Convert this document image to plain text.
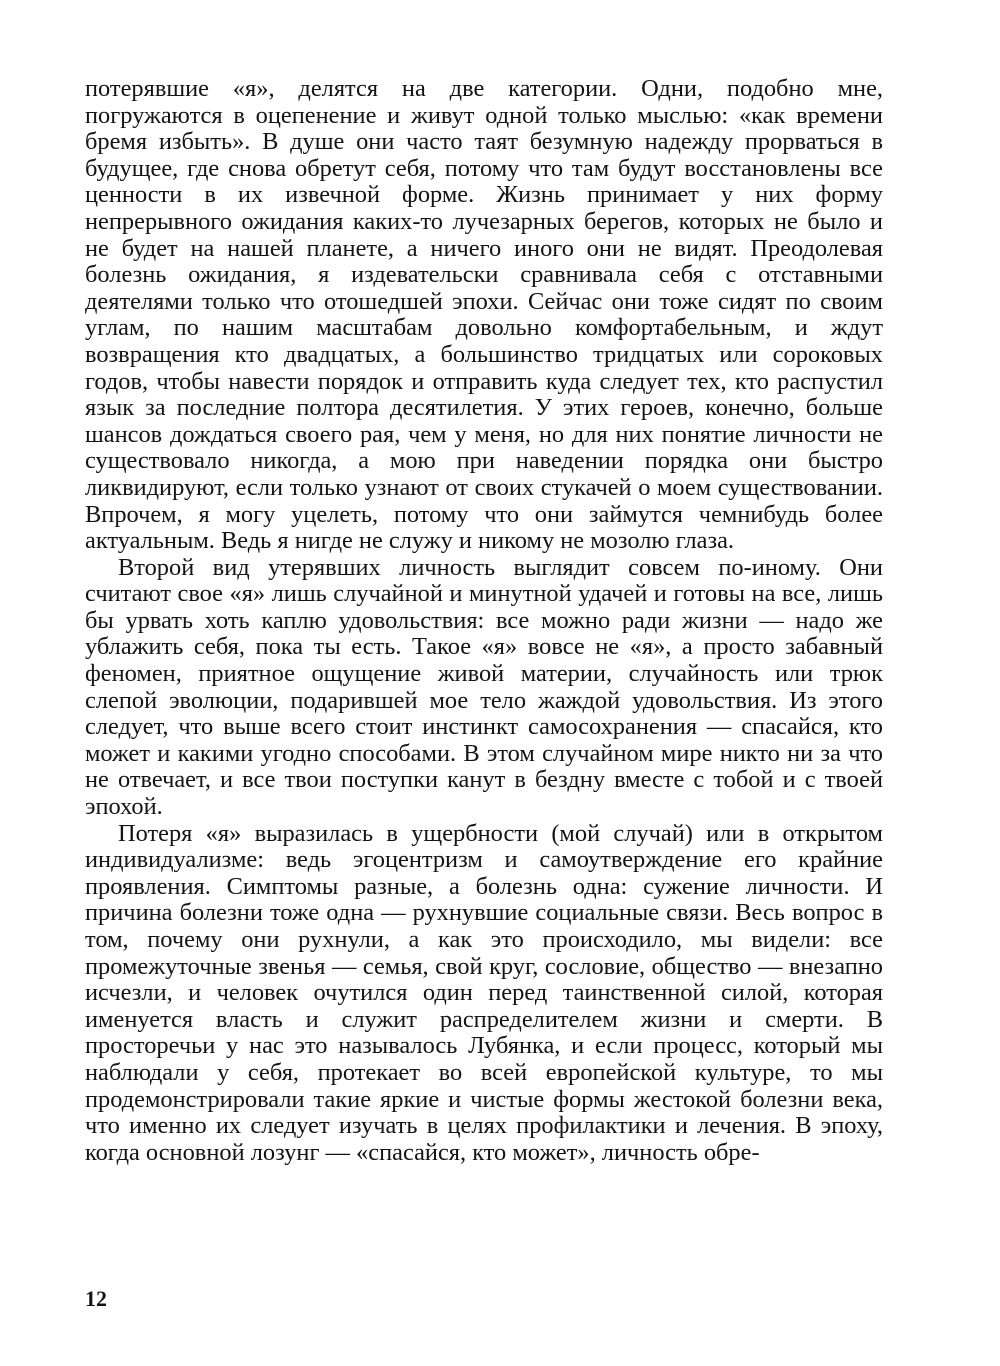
потерявшие «я», делятся на две категории. Одни, подобно мне, погружаются в оцепенение и живут одной только мыслью: «как времени бремя избыть». В душе они часто таят безумную надежду прорваться в будущее, где снова обретут себя, потому что там будут восстановлены все ценности в их извечной форме. Жизнь принимает у них форму непрерывного ожидания каких-то лучезарных берегов, которых не было и не будет на нашей планете, а ничего иного они не видят. Преодолевая болезнь ожидания, я издевательски сравнивала себя с отставными деятелями только что отошедшей эпохи. Сейчас они тоже сидят по своим углам, по нашим масштабам довольно комфортабельным, и ждут возвращения кто двадцатых, а большинство тридцатых или сороковых годов, чтобы навести порядок и отправить куда следует тех, кто распустил язык за последние полтора десятилетия. У этих героев, конечно, больше шансов дождаться своего рая, чем у меня, но для них понятие личности не существовало никогда, а мою при наведении порядка они быстро ликвидируют, если только узнают от своих стукачей о моем существовании. Впрочем, я могу уцелеть, потому что они займутся чемнибудь более актуальным. Ведь я нигде не служу и никому не мозолю глаза.

Второй вид утерявших личность выглядит совсем по-иному. Они считают свое «я» лишь случайной и минутной удачей и готовы на все, лишь бы урвать хоть каплю удовольствия: все можно ради жизни — надо же ублажить себя, пока ты есть. Такое «я» вовсе не «я», а просто забавный феномен, приятное ощущение живой материи, случайность или трюк слепой эволюции, подарившей мое тело жаждой удовольствия. Из этого следует, что выше всего стоит инстинкт самосохранения — спасайся, кто может и какими угодно способами. В этом случайном мире никто ни за что не отвечает, и все твои поступки канут в бездну вместе с тобой и с твоей эпохой.

Потеря «я» выразилась в ущербности (мой случай) или в открытом индивидуализме: ведь эгоцентризм и самоутверждение его крайние проявления. Симптомы разные, а болезнь одна: сужение личности. И причина болезни тоже одна — рухнувшие социальные связи. Весь вопрос в том, почему они рухнули, а как это происходило, мы видели: все промежуточные звенья — семья, свой круг, сословие, общество — внезапно исчезли, и человек очутился один перед таинственной силой, которая именуется власть и служит распределителем жизни и смерти. В просторечьи у нас это называлось Лубянка, и если процесс, который мы наблюдали у себя, протекает во всей европейской культуре, то мы продемонстрировали такие яркие и чистые формы жестокой болезни века, что именно их следует изучать в целях профилактики и лечения. В эпоху, когда основной лозунг — «спасайся, кто может», личность обре-

12
